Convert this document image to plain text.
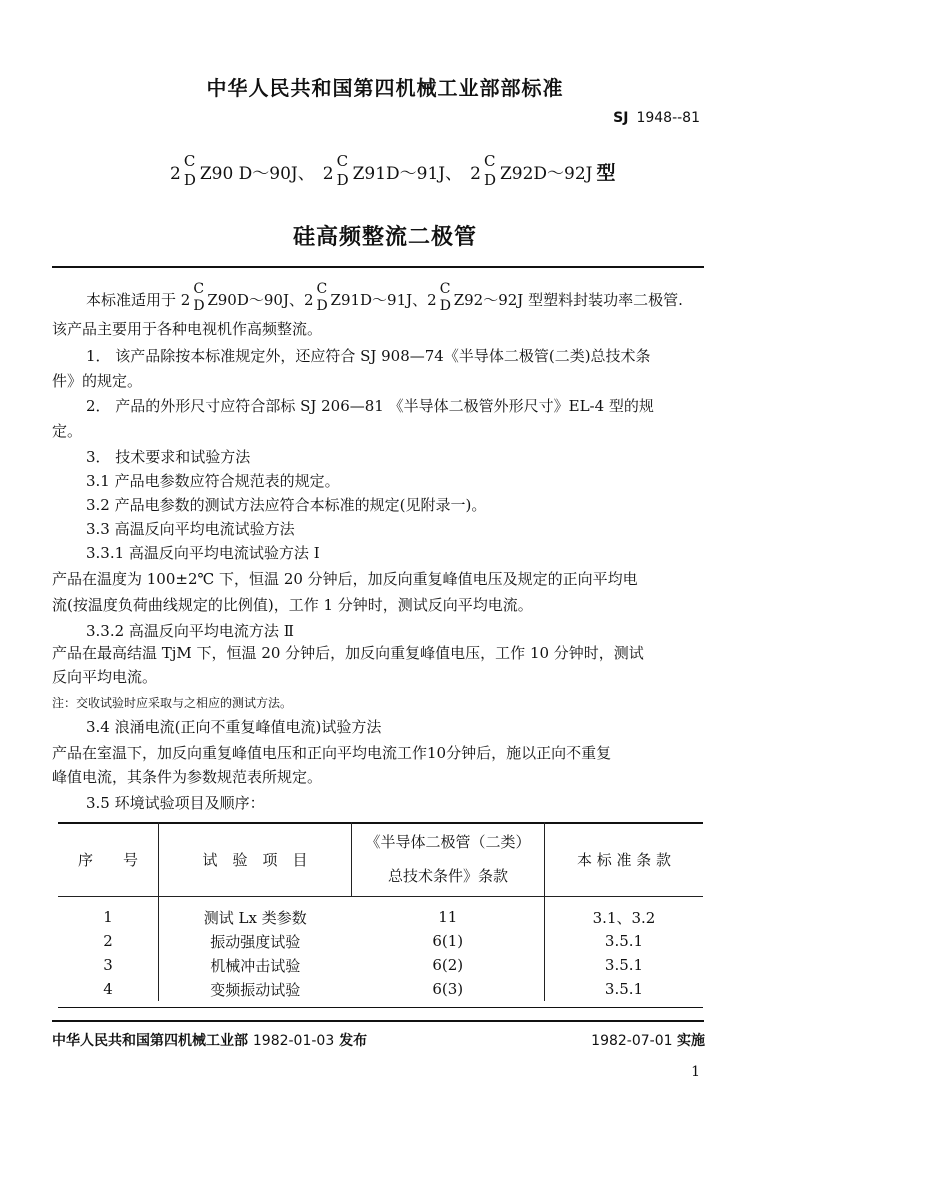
中华人民共和国第四机械工业部部标准
SJ 1948--81
2
C
D Z90 D～90J、 2
C
D Z91D～91J、 2
C
D Z92D～92J 型
硅高频整流二极管
本标准适用于 2
C
D Z90D～90J、2
C
D Z91D～91J、2
C
D Z92～92J 型塑料封装功率二极管.
该产品主要用于各种电视机作高频整流。
1． 该产品除按本标准规定外，还应符合 SJ 908—74《半导体二极管(二类)总技术条
件》的规定。
2． 产品的外形尺寸应符合部标 SJ 206—81 《半导体二极管外形尺寸》EL-4 型的规
定。
3． 技术要求和试验方法
3.1 产品电参数应符合规范表的规定。
3.2 产品电参数的测试方法应符合本标准的规定(见附录一)。
3.3 高温反向平均电流试验方法
3.3.1 高温反向平均电流试验方法 I
产品在温度为 100±2℃ 下，恒温 20 分钟后，加反向重复峰值电压及规定的正向平均电
流(按温度负荷曲线规定的比例值)，工作 1 分钟时，测试反向平均电流。
3.3.2 高温反向平均电流方法 Ⅱ
产品在最高结温 TjM 下，恒温 20 分钟后，加反向重复峰值电压，工作 10 分钟时，测试
反向平均电流。
注：交收试验时应采取与之相应的测试方法。
3.4 浪涌电流(正向不重复峰值电流)试验方法
产品在室温下，加反向重复峰值电压和正向平均电流工作10分钟后，施以正向不重复
峰值电流，其条件为参数规范表所规定。
3.5 环境试验项目及顺序：
序　　号	试　验　项　目	《半导体二极管（二类）
总技术条件》条款	本 标 准 条 款

1	测试 Lx 类参数	11	3.1、3.2
2	振动强度试验	6(1)	3.5.1
3	机械冲击试验	6(2)	3.5.1
4	变频振动试验	6(3)	3.5.1
中华人民共和国第四机械工业部 1982-01-03 发布	1982-07-01 实施
1
